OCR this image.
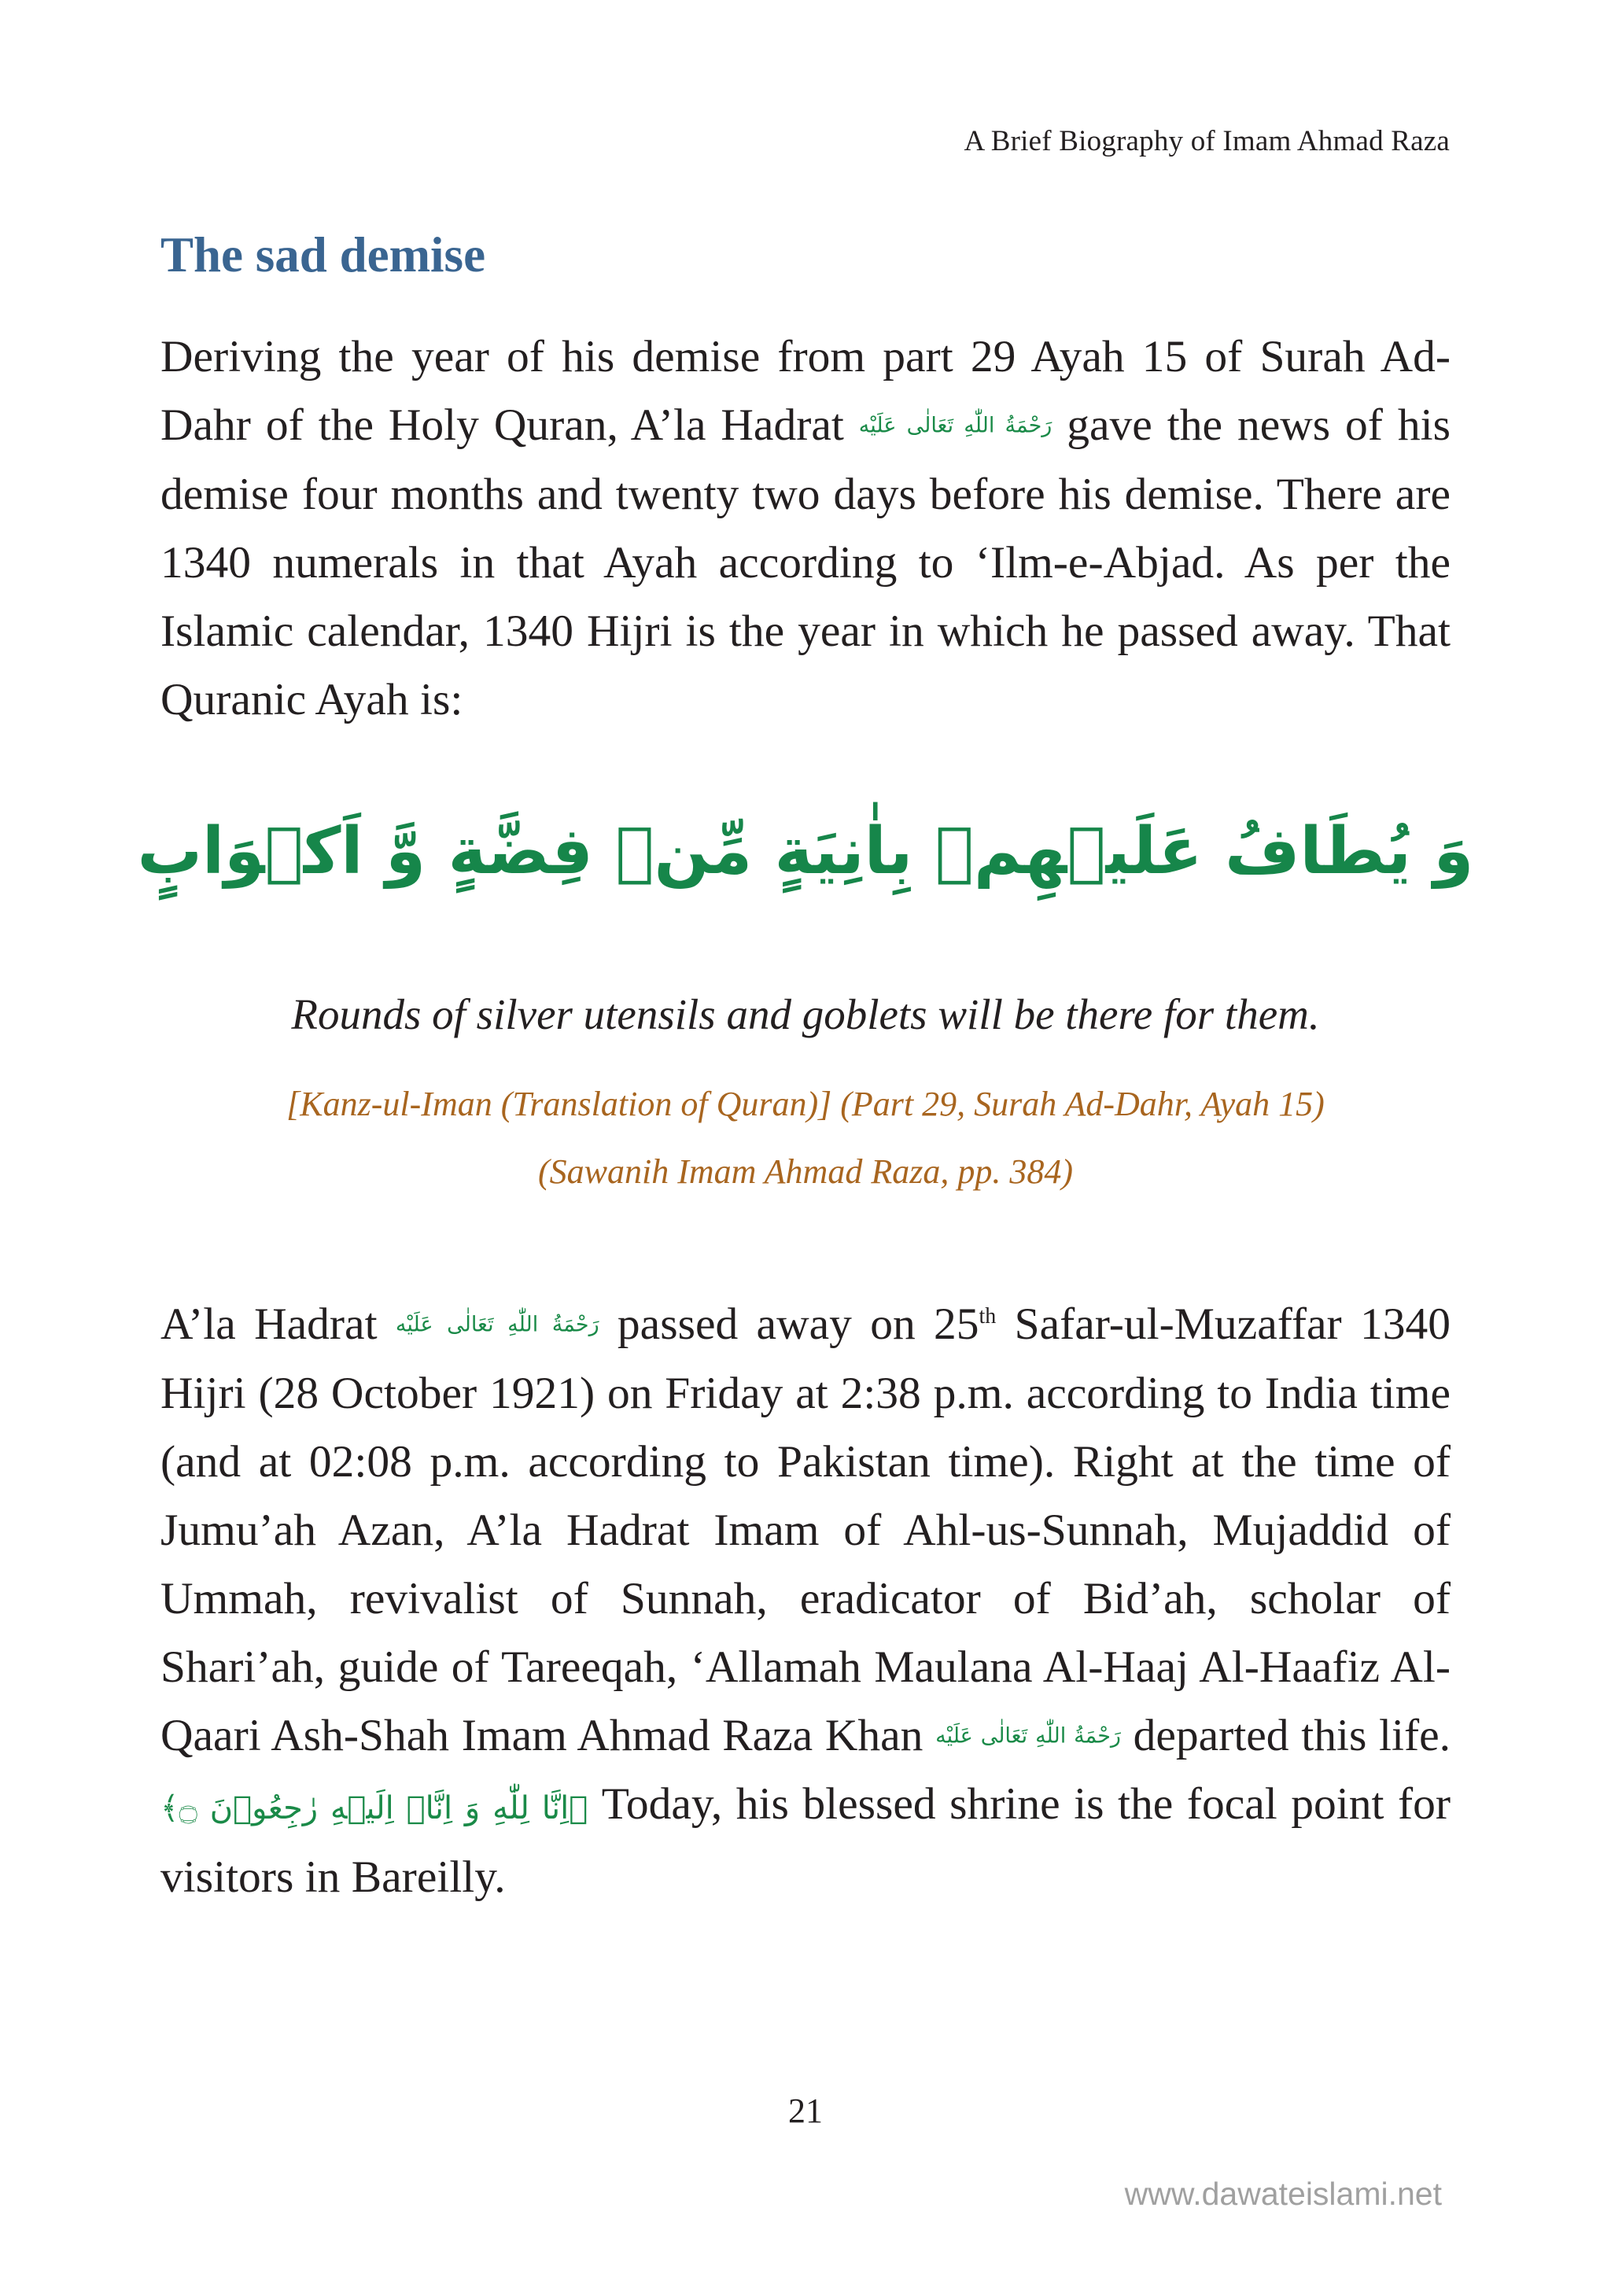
A Brief Biography of Imam Ahmad Raza
The sad demise

Deriving the year of his demise from part 29 Ayah 15 of Surah Ad-Dahr of the Holy Quran, A’la Hadrat رَحْمَةُ اللّٰهِ تَعَالٰی عَلَيْه gave the news of his demise four months and twenty two days before his demise. There are 1340 numerals in that Ayah according to ‘Ilm-e-Abjad. As per the Islamic calendar, 1340 Hijri is the year in which he passed away. That Quranic Ayah is:

وَ يُطَافُ عَلَيۡهِمۡ بِاٰنِيَةٍ مِّنۡ فِضَّةٍ وَّ اَكۡوَابٍ
Rounds of silver utensils and goblets will be there for them.
[Kanz-ul-Iman (Translation of Quran)] (Part 29, Surah Ad-Dahr, Ayah 15)
(Sawanih Imam Ahmad Raza, pp. 384)

A’la Hadrat رَحْمَةُ اللّٰهِ تَعَالٰی عَلَيْه passed away on 25th Safar-ul-Muzaffar 1340 Hijri (28 October 1921) on Friday at 2:38 p.m. according to India time (and at 02:08 p.m. according to Pakistan time). Right at the time of Jumu’ah Azan, A’la Hadrat Imam of Ahl-us-Sunnah, Mujaddid of Ummah, revivalist of Sunnah, eradicator of Bid’ah, scholar of Shari’ah, guide of Tareeqah, ‘Allamah Maulana Al-Haaj Al-Haafiz Al-Qaari Ash-Shah Imam Ahmad Raza Khan رَحْمَةُ اللّٰهِ تَعَالٰی عَلَيْه departed this life. ﴿اِنَّا لِلّٰهِ وَ اِنَّاۤ اِلَيۡهِ رٰجِعُوۡنَ ۝﴾ Today, his blessed shrine is the focal point for visitors in Bareilly.

21
www.dawateislami.net
